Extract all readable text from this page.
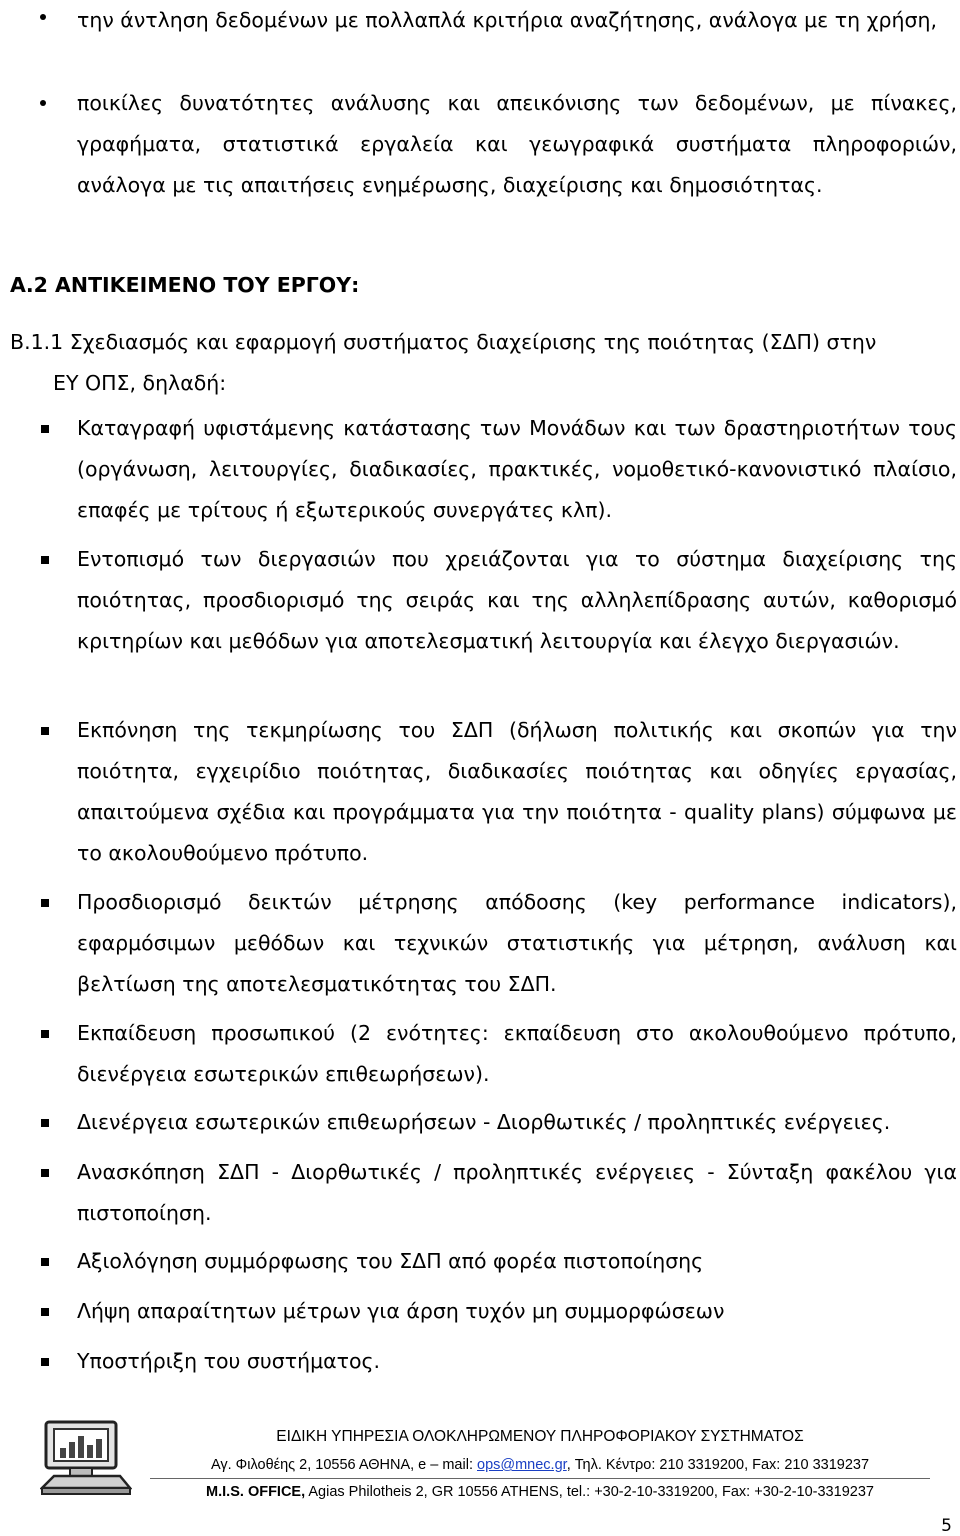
την άντληση δεδομένων με πολλαπλά κριτήρια αναζήτησης, ανάλογα με τη χρήση,
ποικίλες δυνατότητες ανάλυσης και απεικόνισης των δεδομένων, με πίνακες, γραφήματα, στατιστικά εργαλεία και γεωγραφικά συστήματα πληροφοριών, ανάλογα με τις απαιτήσεις ενημέρωσης, διαχείρισης και δημοσιότητας.
Α.2 ΑΝΤΙΚΕΙΜΕΝΟ ΤΟΥ ΕΡΓΟΥ:
Β.1.1 Σχεδιασμός και εφαρμογή συστήματος διαχείρισης της ποιότητας (ΣΔΠ) στην
ΕΥ ΟΠΣ, δηλαδή:
Καταγραφή υφιστάμενης κατάστασης των Μονάδων και των δραστηριοτήτων τους (οργάνωση, λειτουργίες, διαδικασίες, πρακτικές, νομοθετικό-κανονιστικό πλαίσιο, επαφές με τρίτους ή εξωτερικούς συνεργάτες κλπ).
Εντοπισμό των διεργασιών που χρειάζονται για το σύστημα διαχείρισης της ποιότητας, προσδιορισμό της σειράς και της αλληλεπίδρασης αυτών, καθορισμό κριτηρίων και μεθόδων για αποτελεσματική λειτουργία και έλεγχο διεργασιών.
Εκπόνηση της τεκμηρίωσης του ΣΔΠ (δήλωση πολιτικής και σκοπών για την ποιότητα, εγχειρίδιο ποιότητας, διαδικασίες ποιότητας και οδηγίες εργασίας, απαιτούμενα σχέδια και προγράμματα για την ποιότητα - quality plans) σύμφωνα με το ακολουθούμενο πρότυπο.
Προσδιορισμό δεικτών μέτρησης απόδοσης (key performance indicators), εφαρμόσιμων μεθόδων και τεχνικών στατιστικής για μέτρηση, ανάλυση και βελτίωση της αποτελεσματικότητας του ΣΔΠ.
Εκπαίδευση προσωπικού (2 ενότητες: εκπαίδευση στο ακολουθούμενο πρότυπο, διενέργεια εσωτερικών επιθεωρήσεων).
Διενέργεια εσωτερικών επιθεωρήσεων - Διορθωτικές / προληπτικές ενέργειες.
Ανασκόπηση ΣΔΠ - Διορθωτικές / προληπτικές ενέργειες - Σύνταξη φακέλου για πιστοποίηση.
Αξιολόγηση συμμόρφωσης του ΣΔΠ από φορέα πιστοποίησης
Λήψη απαραίτητων μέτρων για άρση τυχόν μη συμμορφώσεων
Υποστήριξη του συστήματος.
ΕΙΔΙΚΗ ΥΠΗΡΕΣΙΑ ΟΛΟΚΛΗΡΩΜΕΝΟΥ ΠΛΗΡΟΦΟΡΙΑΚΟΥ ΣΥΣΤΗΜΑΤΟΣ
Αγ. Φιλοθέης 2, 10556 ΑΘΗΝΑ, e – mail: ops@mnec.gr, Τηλ. Κέντρο: 210 3319200, Fax: 210 3319237
M.I.S. OFFICE, Agias Philotheis 2, GR 10556 ATHENS, tel.: +30-2-10-3319200, Fax: +30-2-10-3319237
5
